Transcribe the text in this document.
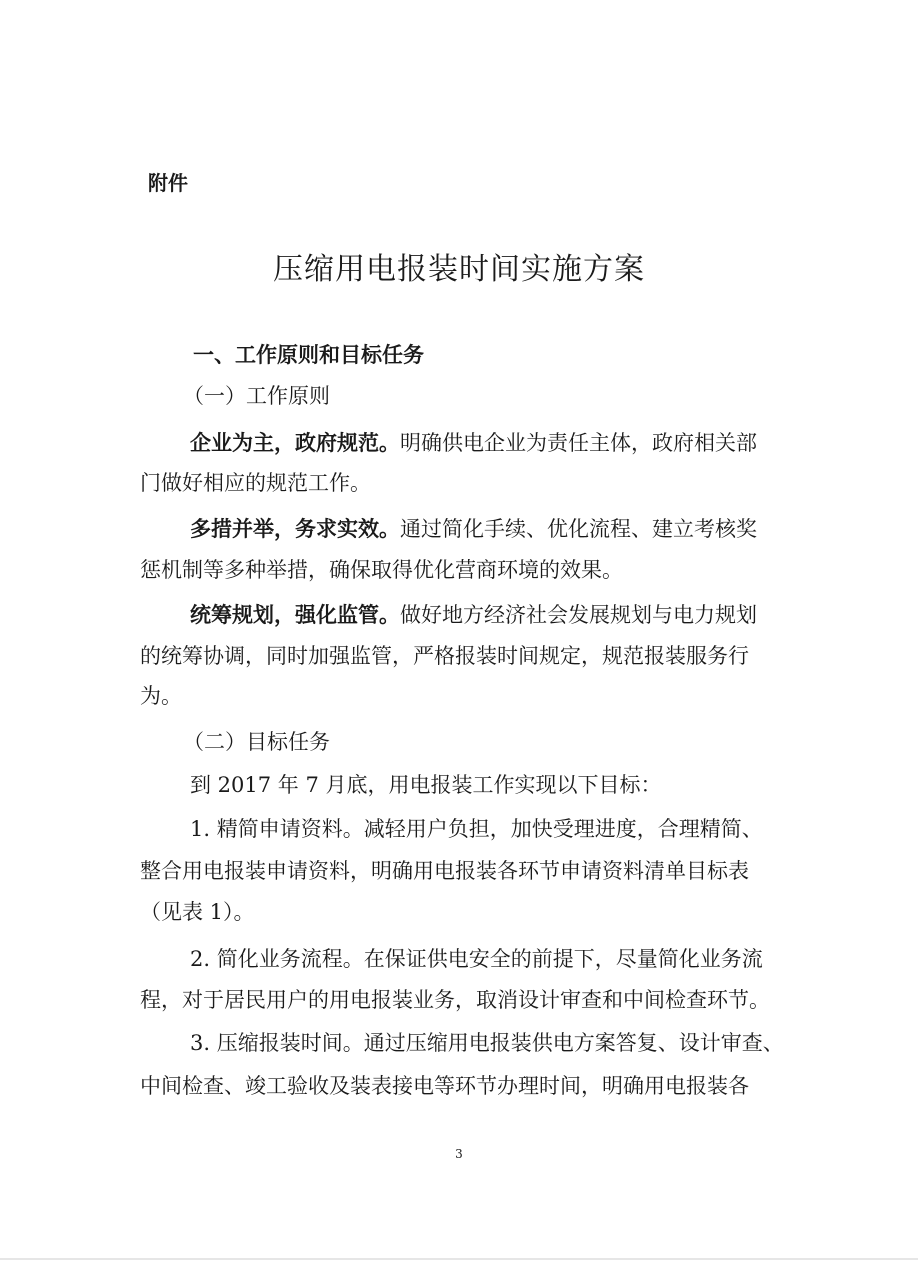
附件
压缩用电报装时间实施方案
一、工作原则和目标任务
（一）工作原则
企业为主，政府规范。明确供电企业为责任主体，政府相关部
门做好相应的规范工作。
多措并举，务求实效。通过简化手续、优化流程、建立考核奖
惩机制等多种举措，确保取得优化营商环境的效果。
统筹规划，强化监管。做好地方经济社会发展规划与电力规划
的统筹协调，同时加强监管，严格报装时间规定，规范报装服务行
为。
（二）目标任务
到 2017 年 7 月底，用电报装工作实现以下目标：
1. 精简申请资料。减轻用户负担，加快受理进度，合理精简、
整合用电报装申请资料，明确用电报装各环节申请资料清单目标表
（见表 1）。
2. 简化业务流程。在保证供电安全的前提下，尽量简化业务流
程，对于居民用户的用电报装业务，取消设计审查和中间检查环节。
3. 压缩报装时间。通过压缩用电报装供电方案答复、设计审查、
中间检查、竣工验收及装表接电等环节办理时间，明确用电报装各
3
